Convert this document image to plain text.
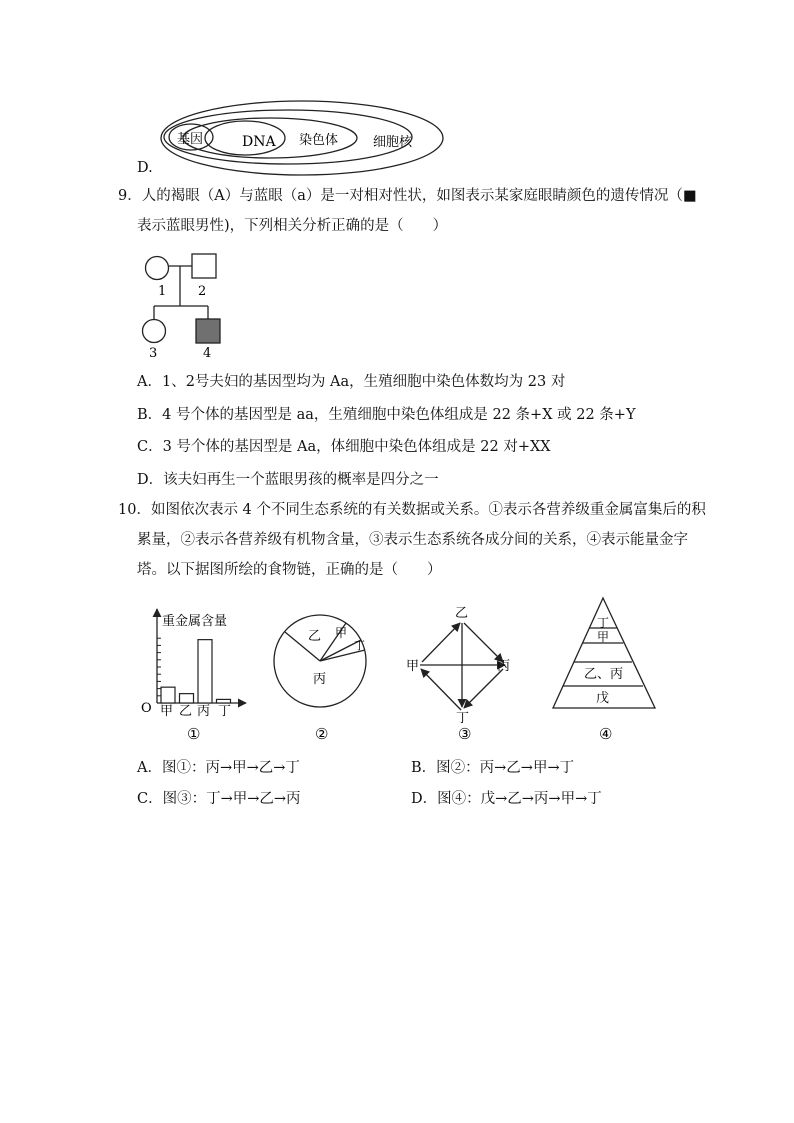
基因	DNA 染色体	细胞核
D.
9．人的褐眼（A）与蓝眼（a）是一对相对性状，如图表示某家庭眼睛颜色的遗传情况（■
表示蓝眼男性)，下列相关分析正确的是（　　）
1 2
3	4
A．1、2号夫妇的基因型均为 Aa，生殖细胞中染色体数均为 23 对
B．4 号个体的基因型是 aa，生殖细胞中染色体组成是 22 条+X 或 22 条+Y
C．3 号个体的基因型是 Aa，体细胞中染色体组成是 22 对+XX
D．该夫妇再生一个蓝眼男孩的概率是四分之一
10．如图依次表示 4 个不同生态系统的有关数据或关系。①表示各营养级重金属富集后的积
累量，②表示各营养级有机物含量，③表示生态系统各成分间的关系，④表示能量金字
塔。以下据图所绘的食物链，正确的是（　　）
重金属含量
O 甲 乙 丙 丁
①
乙 甲
丁
丙
②
乙
甲	丙
丁
③
丁
甲
乙、丙
戊
④
A．图①：丙→甲→乙→丁	B．图②：丙→乙→甲→丁
C．图③：丁→甲→乙→丙	D．图④：戊→乙→丙→甲→丁
